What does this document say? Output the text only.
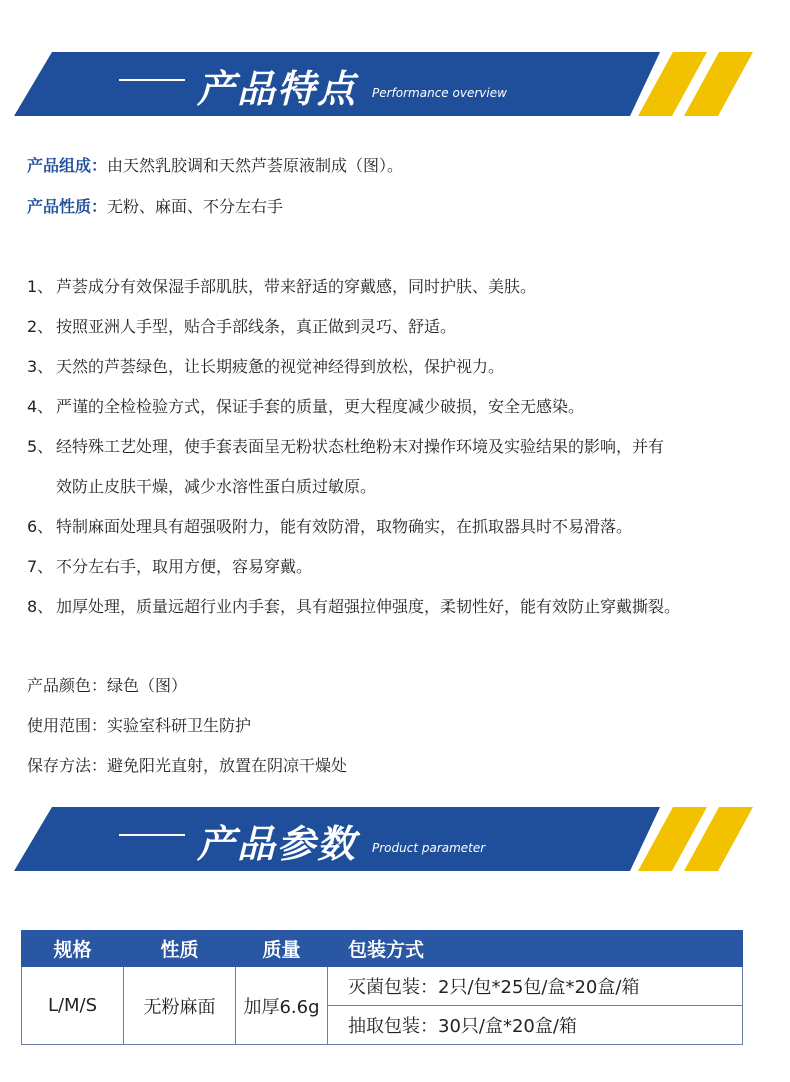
产品特点 Performance overview
产品组成：由天然乳胶调和天然芦荟原液制成（图）。
产品性质：无粉、麻面、不分左右手
1、 芦荟成分有效保湿手部肌肤，带来舒适的穿戴感，同时护肤、美肤。
2、 按照亚洲人手型，贴合手部线条，真正做到灵巧、舒适。
3、 天然的芦荟绿色，让长期疲惫的视觉神经得到放松，保护视力。
4、 严谨的全检检验方式，保证手套的质量，更大程度减少破损，安全无感染。
5、 经特殊工艺处理，使手套表面呈无粉状态杜绝粉末对操作环境及实验结果的影响，并有
效防止皮肤干燥，减少水溶性蛋白质过敏原。
6、 特制麻面处理具有超强吸附力，能有效防滑，取物确实，在抓取器具时不易滑落。
7、 不分左右手，取用方便，容易穿戴。
8、 加厚处理，质量远超行业内手套，具有超强拉伸强度，柔韧性好，能有效防止穿戴撕裂。
产品颜色：绿色（图）
使用范围：实验室科研卫生防护
保存方法：避免阳光直射，放置在阴凉干燥处
产品参数 Product parameter
规格	性质	质量	包装方式
L/M/S	无粉麻面	加厚6.6g	灭菌包装：2只/包*25包/盒*20盒/箱
			抽取包装：30只/盒*20盒/箱
